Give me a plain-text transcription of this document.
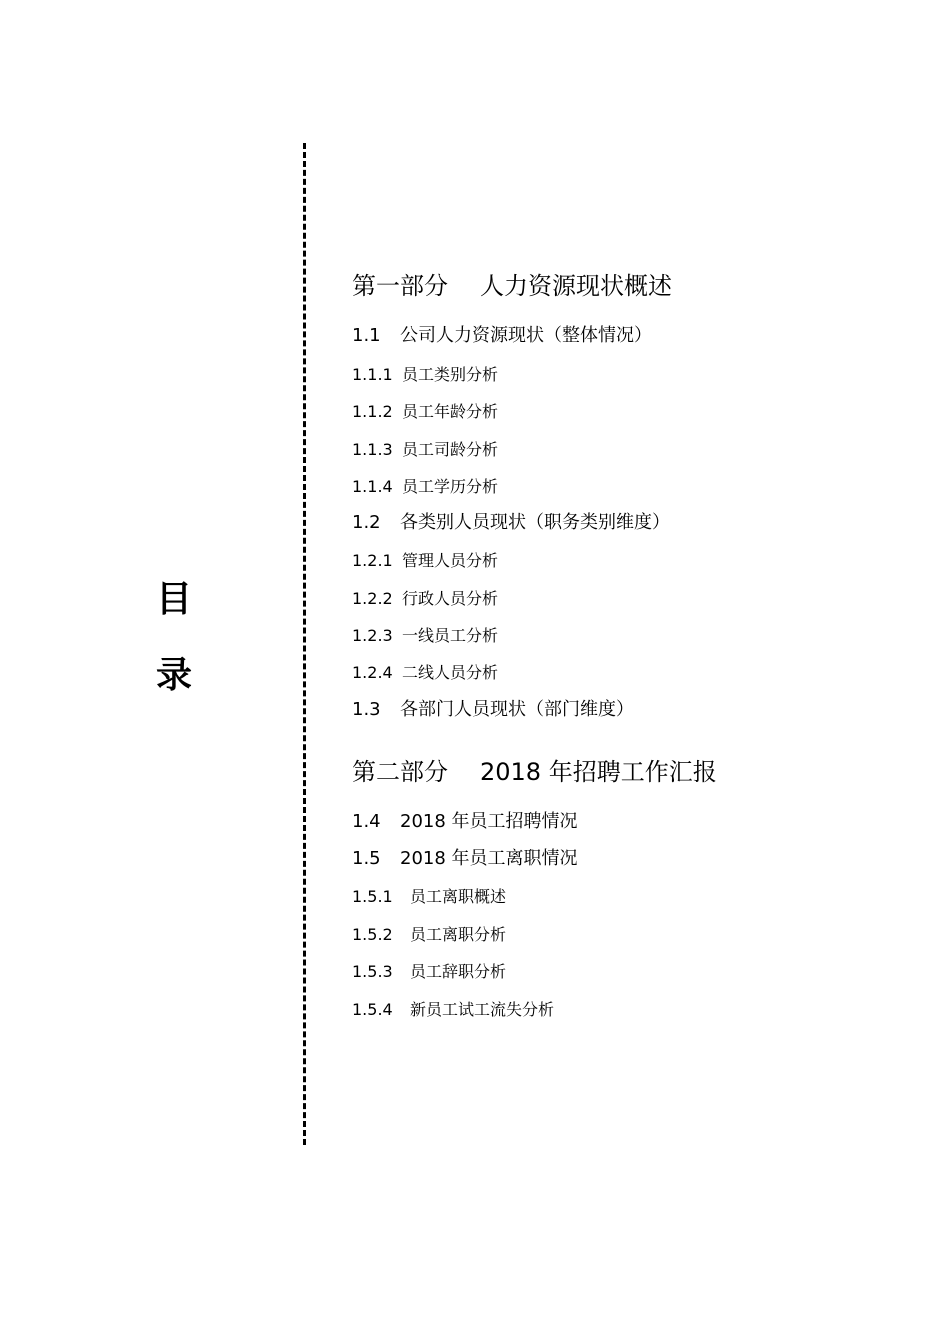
目
录
第一部分 人力资源现状概述
1.1 公司人力资源现状（整体情况）
1.1.1 员工类别分析
1.1.2 员工年龄分析
1.1.3 员工司龄分析
1.1.4 员工学历分析
1.2 各类别人员现状（职务类别维度）
1.2.1 管理人员分析
1.2.2 行政人员分析
1.2.3 一线员工分析
1.2.4 二线人员分析
1.3 各部门人员现状（部门维度）
第二部分 2018 年招聘工作汇报
1.4 2018 年员工招聘情况
1.5 2018 年员工离职情况
1.5.1 员工离职概述
1.5.2 员工离职分析
1.5.3 员工辞职分析
1.5.4 新员工试工流失分析
